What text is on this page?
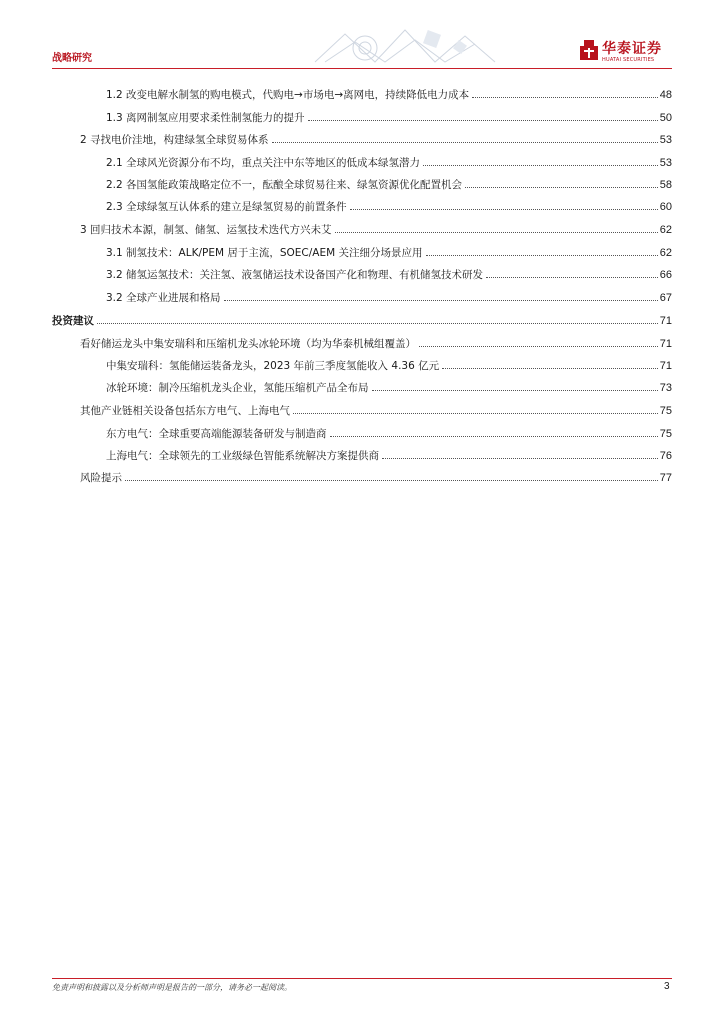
战略研究
华泰证券
HUATAI SECURITIES
1.2 改变电解水制氢的购电模式，代购电→市场电→离网电，持续降低电力成本	48
1.3 离网制氢应用要求柔性制氢能力的提升	50
2 寻找电价洼地，构建绿氢全球贸易体系	53
2.1 全球风光资源分布不均，重点关注中东等地区的低成本绿氢潜力	53
2.2 各国氢能政策战略定位不一，酝酿全球贸易往来、绿氢资源优化配置机会	58
2.3 全球绿氢互认体系的建立是绿氢贸易的前置条件	60
3 回归技术本源，制氢、储氢、运氢技术迭代方兴未艾	62
3.1 制氢技术：ALK/PEM 居于主流，SOEC/AEM 关注细分场景应用	62
3.2 储氢运氢技术：关注氢、液氢储运技术设备国产化和物理、有机储氢技术研发	66
3.2 全球产业进展和格局	67
投资建议	71
看好储运龙头中集安瑞科和压缩机龙头冰轮环境（均为华泰机械组覆盖）	71
中集安瑞科：氢能储运装备龙头，2023 年前三季度氢能收入 4.36 亿元	71
冰轮环境：制冷压缩机龙头企业，氢能压缩机产品全布局	73
其他产业链相关设备包括东方电气、上海电气	75
东方电气：全球重要高端能源装备研发与制造商	75
上海电气：全球领先的工业级绿色智能系统解决方案提供商	76
风险提示	77
免责声明和披露以及分析师声明是报告的一部分，请务必一起阅读。	3
